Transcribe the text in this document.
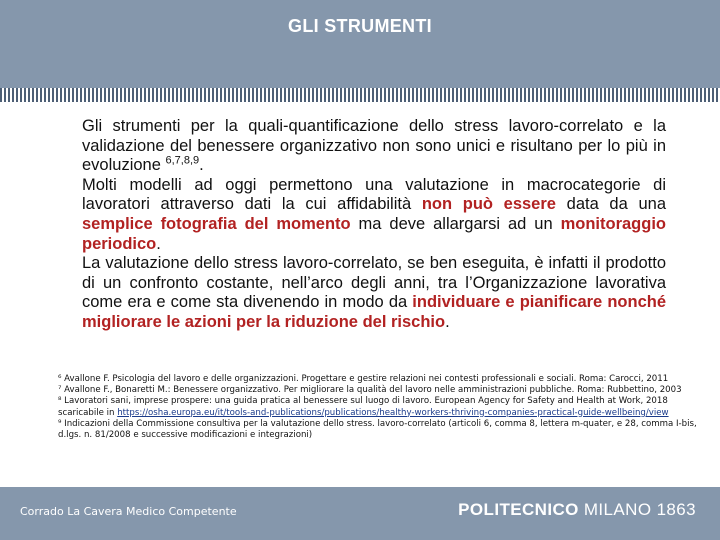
GLI STRUMENTI

Gli strumenti per la quali-quantificazione dello stress lavoro-correlato e la validazione del benessere organizzativo non sono unici e risultano per lo più in evoluzione $^{6,7,8,9}$.

Molti modelli ad oggi permettono una valutazione in macrocategorie di lavoratori attraverso dati la cui affidabilità non può essere data da una semplice fotografia del momento ma deve allargarsi ad un monitoraggio periodico.

La valutazione dello stress lavoro-correlato, se ben eseguita, è infatti il prodotto di un confronto costante, nell’arco degli anni, tra l’Organizzazione lavorativa come era e come sta divenendo in modo da individuare e pianificare nonché migliorare le azioni per la riduzione del rischio.

⁶ Avallone F. Psicologia del lavoro e delle organizzazioni. Progettare e gestire relazioni nei contesti professionali e sociali. Roma: Carocci, 2011

⁷ Avallone F., Bonaretti M.: Benessere organizzativo. Per migliorare la qualità del lavoro nelle amministrazioni pubbliche. Roma: Rubbettino, 2003

⁸ Lavoratori sani, imprese prospere: una guida pratica al benessere sul luogo di lavoro. European Agency for Safety and Health at Work, 2018 scaricabile in https://osha.europa.eu/it/tools-and-publications/publications/healthy-workers-thriving-companies-practical-guide-wellbeing/view

⁹ Indicazioni della Commissione consultiva per la valutazione dello stress. lavoro-correlato (articoli 6, comma 8, lettera m-quater, e 28, comma I-bis, d.lgs. n. 81/2008 e successive modificazioni e integrazioni)

Corrado La Cavera Medico Competente	POLITECNICO MILANO 1863
